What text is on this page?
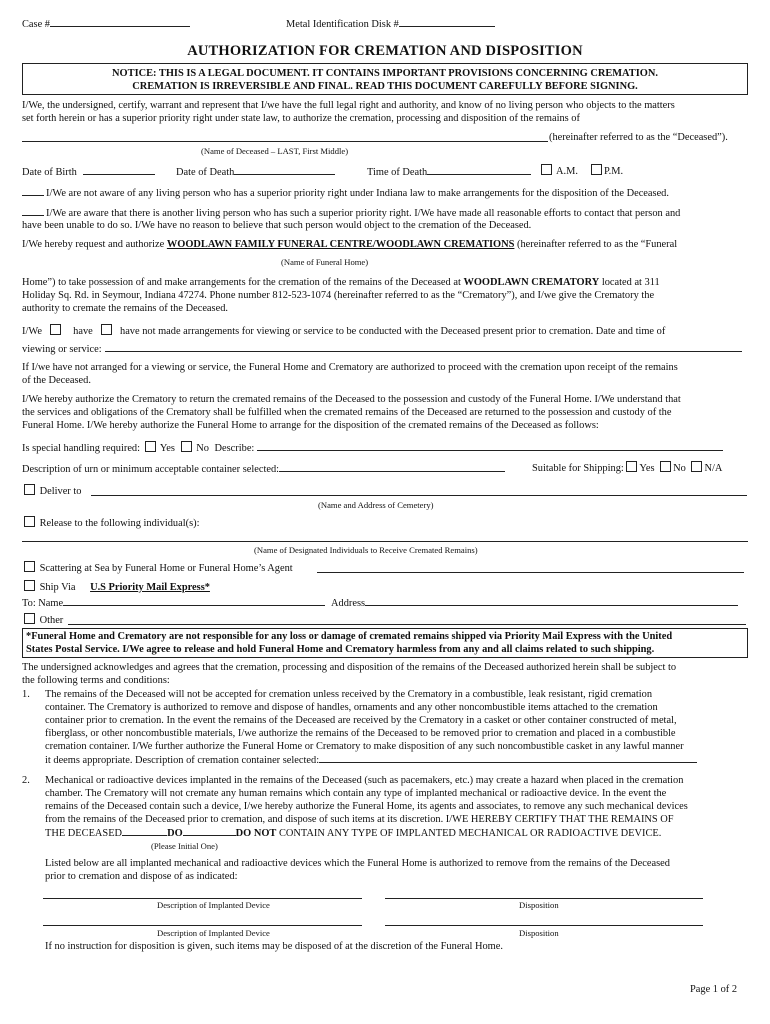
Case #	Metal Identification Disk #
AUTHORIZATION FOR CREMATION AND DISPOSITION
NOTICE: THIS IS A LEGAL DOCUMENT. IT CONTAINS IMPORTANT PROVISIONS CONCERNING CREMATION.
CREMATION IS IRREVERSIBLE AND FINAL. READ THIS DOCUMENT CAREFULLY BEFORE SIGNING.
I/We, the undersigned, certify, warrant and represent that I/we have the full legal right and authority, and know of no living person who objects to the matters
set forth herein or has a superior priority right under state law, to authorize the cremation, processing and disposition of the remains of
(hereinafter referred to as the “Deceased”).
(Name of Deceased – LAST, First Middle)
Date of Birth	Date of Death	Time of Death	A.M.	P.M.
I/We are not aware of any living person who has a superior priority right under Indiana law to make arrangements for the disposition of the Deceased.
I/We are aware that there is another living person who has such a superior priority right. I/We have made all reasonable efforts to contact that person and
have been unable to do so. I/We have no reason to believe that such person would object to the cremation of the Deceased.
I/We hereby request and authorize WOODLAWN FAMILY FUNERAL CENTRE/WOODLAWN CREMATIONS (hereinafter referred to as the “Funeral
(Name of Funeral Home)
Home”) to take possession of and make arrangements for the cremation of the remains of the Deceased at WOODLAWN CREMATORY located at 311
Holiday Sq. Rd. in Seymour, Indiana 47274. Phone number 812-523-1074 (hereinafter referred to as the “Crematory”), and I/we give the Crematory the
authority to cremate the remains of the Deceased.
I/We	have	have not made arrangements for viewing or service to be conducted with the Deceased present prior to cremation. Date and time of
viewing or service:
If I/we have not arranged for a viewing or service, the Funeral Home and Crematory are authorized to proceed with the cremation upon receipt of the remains
of the Deceased.
I/We hereby authorize the Crematory to return the cremated remains of the Deceased to the possession and custody of the Funeral Home. I/We understand that
the services and obligations of the Crematory shall be fulfilled when the cremated remains of the Deceased are returned to the possession and custody of the
Funeral Home. I/We hereby authorize the Funeral Home to arrange for the disposition of the cremated remains of the Deceased as follows:
Is special handling required: Yes No Describe:
Description of urn or minimum acceptable container selected:	Suitable for Shipping: Yes No N/A
Deliver to
(Name and Address of Cemetery)
Release to the following individual(s):
(Name of Designated Individuals to Receive Cremated Remains)
Scattering at Sea by Funeral Home or Funeral Home’s Agent
Ship Via U.S Priority Mail Express*
To: Name	Address
Other
*Funeral Home and Crematory are not responsible for any loss or damage of cremated remains shipped via Priority Mail Express with the United
States Postal Service. I/We agree to release and hold Funeral Home and Crematory harmless from any and all claims related to such shipping.
The undersigned acknowledges and agrees that the cremation, processing and disposition of the remains of the Deceased authorized herein shall be subject to
the following terms and conditions:
1. The remains of the Deceased will not be accepted for cremation unless received by the Crematory in a combustible, leak resistant, rigid cremation
container. The Crematory is authorized to remove and dispose of handles, ornaments and any other noncombustible items attached to the cremation
container prior to cremation. In the event the remains of the Deceased are received by the Crematory in a casket or other container constructed of metal,
fiberglass, or other noncombustible materials, I/we authorize the remains of the Deceased to be removed prior to cremation and placed in a combustible
cremation container. I/We further authorize the Funeral Home or Crematory to make disposition of any such noncombustible casket in any lawful manner
it deems appropriate. Description of cremation container selected:
2. Mechanical or radioactive devices implanted in the remains of the Deceased (such as pacemakers, etc.) may create a hazard when placed in the cremation
chamber. The Crematory will not cremate any human remains which contain any type of implanted mechanical or radioactive device. In the event the
remains of the Deceased contain such a device, I/we hereby authorize the Funeral Home, its agents and associates, to remove any such mechanical devices
from the remains of the Deceased prior to cremation, and dispose of such items at its discretion. I/WE HEREBY CERTIFY THAT THE REMAINS OF
THE DECEASED	DO	DO NOT CONTAIN ANY TYPE OF IMPLANTED MECHANICAL OR RADIOACTIVE DEVICE.
(Please Initial One)
Listed below are all implanted mechanical and radioactive devices which the Funeral Home is authorized to remove from the remains of the Deceased
prior to cremation and dispose of as indicated:
Description of Implanted Device	Disposition
Description of Implanted Device	Disposition
If no instruction for disposition is given, such items may be disposed of at the discretion of the Funeral Home.
Page 1 of 2
